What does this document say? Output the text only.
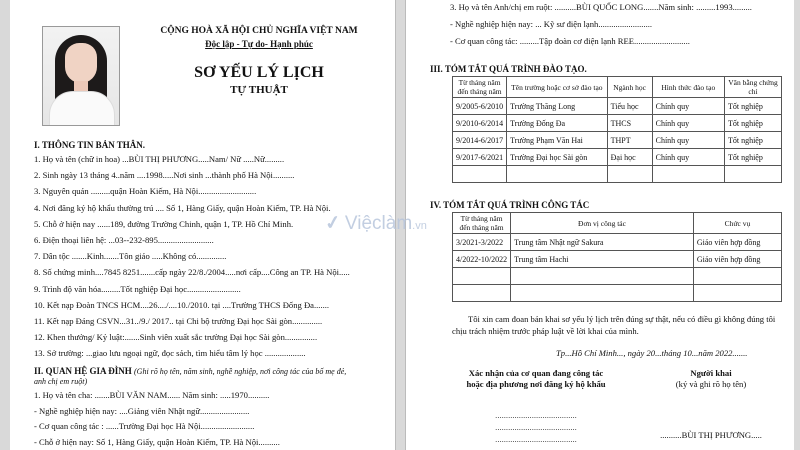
CỘNG HOÀ XÃ HỘI CHỦ NGHĨA VIỆT NAM
Độc lập - Tự do- Hạnh phúc
SƠ YẾU LÝ LỊCH
TỰ THUẬT
I. THÔNG TIN BẢN THÂN.
1. Họ và tên (chữ in hoa) ...BÙI THỊ PHƯƠNG.....Nam/ Nữ .....Nữ.........
2. Sinh ngày 13 tháng 4..năm ....1998.....Nơi sinh ...thành phố Hà Nội..........
3. Nguyên quán .........quận Hoàn Kiếm, Hà Nội...........................
4. Nơi đăng ký hộ khẩu thường trú .... Số 1, Hàng Giấy, quận Hoàn Kiếm, TP. Hà Nội.
5. Chỗ ở hiện nay ......189, đường Trường Chinh, quận 1, TP. Hồ Chí Minh.
6. Điện thoại liên hệ: ...03--232-895..........................
7. Dân tộc .......Kinh.......Tôn giáo .....Không có..............
8. Số chứng minh....7845 8251.......cấp ngày 22/8./2004.....nơi cấp....Công an TP. Hà Nội.....
9. Trình độ văn hóa.........Tốt nghiệp Đại học.........................
10. Kết nạp Đoàn TNCS HCM....26..../....10./2010. tại ....Trường THCS Đống Đa.......
11. Kết nạp Đảng CSVN...31../9./ 2017.. tại Chi bộ trường Đại học Sài gòn..............
12. Khen thưởng/ Kỷ luật:.......Sinh viên xuất sắc trường Đại học Sài gòn...............
13. Sở trường: ...giao lưu ngoại ngữ, đọc sách, tìm hiểu tâm lý học ...................
II. QUAN HỆ GIA ĐÌNH (Ghi rõ họ tên, năm sinh, nghề nghiệp, nơi công tác của bố mẹ đẻ,
anh chị em ruột)
1. Họ và tên cha: .......BÙI VĂN NAM...... Năm sinh: .....1970..........
- Nghề nghiệp hiện nay: ....Giảng viên Nhật ngữ.......................
- Cơ quan công tác : ......Trường Đại học Hà Nội.........................
- Chỗ ở hiện nay: Số 1, Hàng Giấy, quận Hoàn Kiếm, TP. Hà Nội..........
3. Họ và tên Anh/chị em ruột: ..........BÙI QUỐC LONG.......Năm sinh: .........1993.........
- Nghề nghiệp hiện nay: ... Kỹ sư điện lạnh.........................
- Cơ quan công tác: .........Tập đoàn cơ điện lạnh REE..........................
III. TÓM TẮT QUÁ TRÌNH ĐÀO TẠO.
Từ tháng năm đến tháng năm	Tên trường hoặc cơ sở đào tạo	Ngành học	Hình thức đào tạo	Văn bằng chứng chỉ
9/2005-6/2010	Trường Thăng Long	Tiểu học	Chính quy	Tốt nghiệp
9/2010-6/2014	Trường Đống Đa	THCS	Chính quy	Tốt nghiệp
9/2014-6/2017	Trường Phạm Văn Hai	THPT	Chính quy	Tốt nghiệp
9/2017-6/2021	Trường Đại học Sài gòn	Đại học	Chính quy	Tốt nghiệp

IV. TÓM TẮT QUÁ TRÌNH CÔNG TÁC
Từ tháng năm đến tháng năm	Đơn vị công tác	Chức vụ
3/2021-3/2022	Trung tâm Nhật ngữ Sakura	Giáo viên hợp đồng
4/2022-10/2022	Trung tâm Hachi	Giáo viên hợp đồng

Tôi xin cam đoan bản khai sơ yếu lý lịch trên đúng sự thật, nếu có điều gì không đúng tôi
chịu trách nhiệm trước pháp luật về lời khai của mình.
Tp...Hồ Chí Minh..., ngày 20...tháng 10...năm 2022.......
Xác nhận của cơ quan đang công tác
hoặc địa phương nơi đăng ký hộ khẩu
......................................
......................................
......................................
Người khai
(ký và ghi rõ họ tên)
..........BÙI THỊ PHƯƠNG.....
✓ Việclàm.vn
